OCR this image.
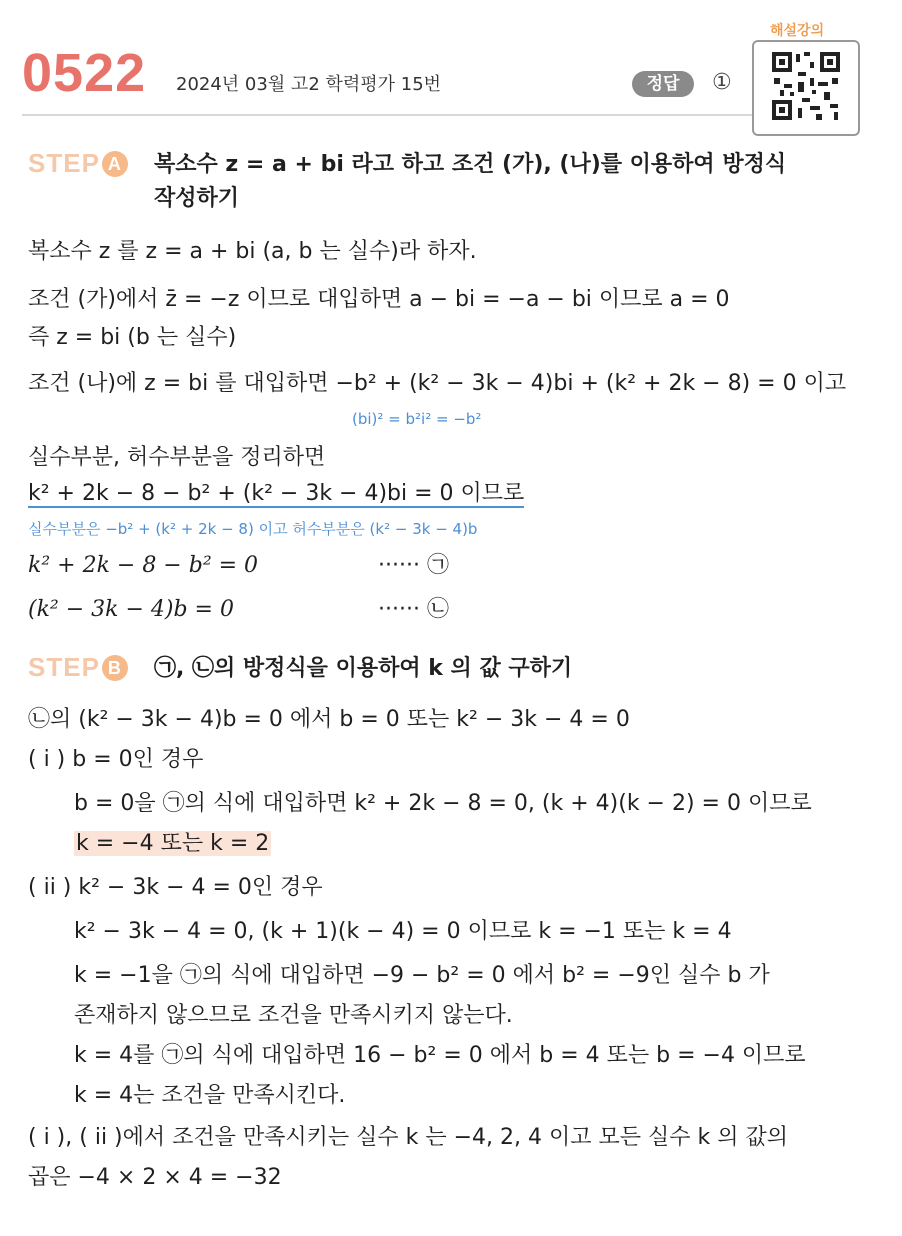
0522 2024년 03월 고2 학력평가 15번	정답	①
해설강의
STEP A 복소수 z = a + bi 라고 하고 조건 (가), (나)를 이용하여 방정식
작성하기
복소수 z 를 z = a + bi (a, b 는 실수)라 하자.
조건 (가)에서 z̄ = −z 이므로 대입하면 a − bi = −a − bi 이므로 a = 0
즉 z = bi (b 는 실수)
조건 (나)에 z = bi 를 대입하면 −b² + (k² − 3k − 4)bi + (k² + 2k − 8) = 0 이고
(bi)² = b²i² = −b²
실수부분, 허수부분을 정리하면
k² + 2k − 8 − b² + (k² − 3k − 4)bi = 0 이므로
실수부분은 −b² + (k² + 2k − 8) 이고 허수부분은 (k² − 3k − 4)b
k² + 2k − 8 − b² = 0	······ ㉠
(k² − 3k − 4)b = 0	······ ㉡
STEP B ㉠, ㉡의 방정식을 이용하여 k 의 값 구하기
㉡의 (k² − 3k − 4)b = 0 에서 b = 0 또는 k² − 3k − 4 = 0
( i ) b = 0인 경우
b = 0을 ㉠의 식에 대입하면 k² + 2k − 8 = 0, (k + 4)(k − 2) = 0 이므로
k = −4 또는 k = 2
( ii ) k² − 3k − 4 = 0인 경우
k² − 3k − 4 = 0, (k + 1)(k − 4) = 0 이므로 k = −1 또는 k = 4
k = −1을 ㉠의 식에 대입하면 −9 − b² = 0 에서 b² = −9인 실수 b 가
존재하지 않으므로 조건을 만족시키지 않는다.
k = 4를 ㉠의 식에 대입하면 16 − b² = 0 에서 b = 4 또는 b = −4 이므로
k = 4는 조건을 만족시킨다.
( i ), ( ii )에서 조건을 만족시키는 실수 k 는 −4, 2, 4 이고 모든 실수 k 의 값의
곱은 −4 × 2 × 4 = −32
